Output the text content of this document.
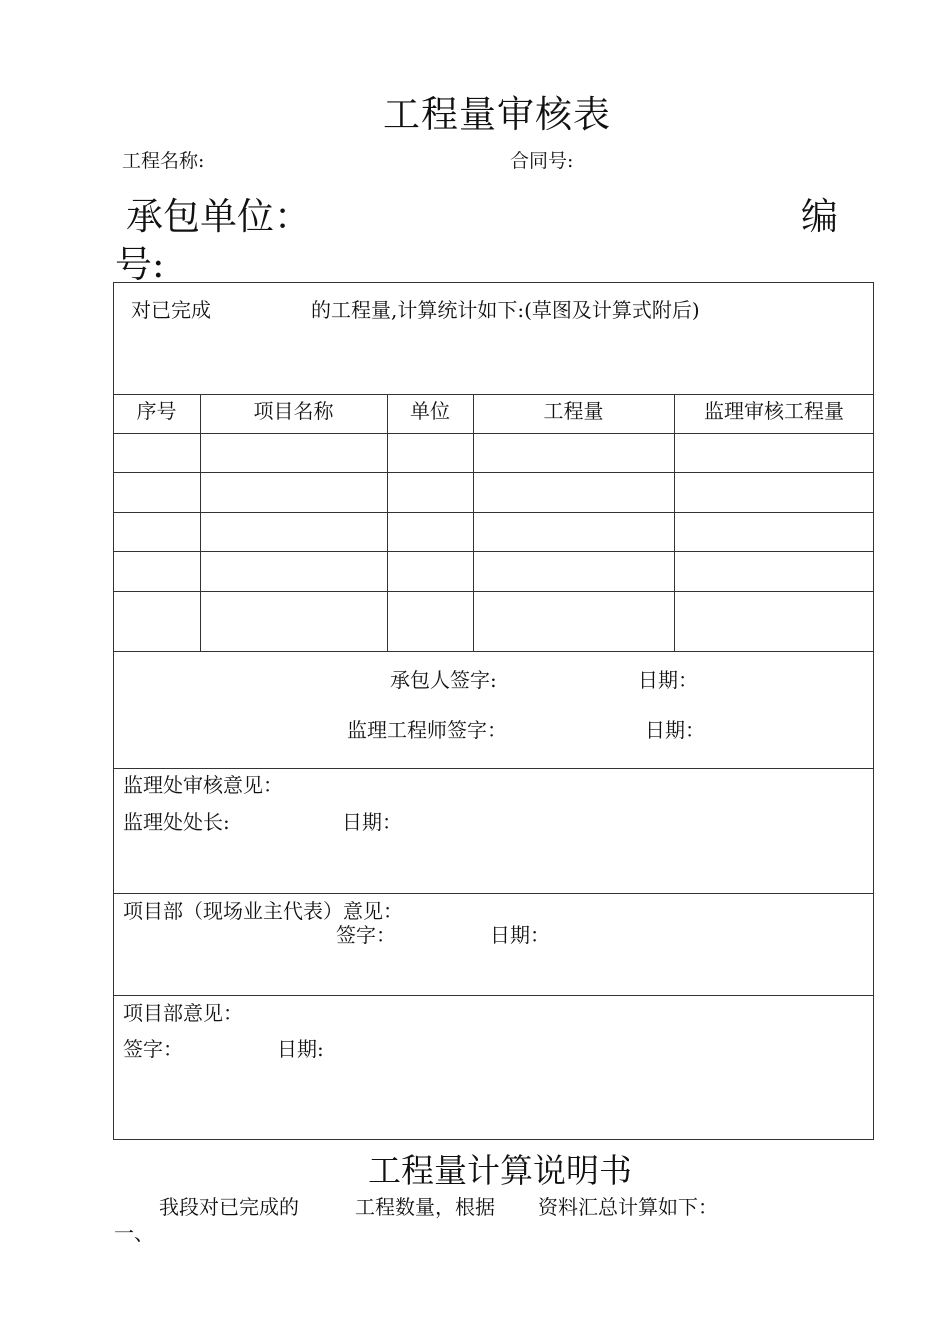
工程量审核表
工程名称:	合同号:
承包单位：	编
号:
对已完成	的工程量,计算统计如下:(草图及计算式附后)
序号	项目名称	单位	工程量	监理审核工程量
承包人签字:	日期：
监理工程师签字：	日期：
监理处审核意见：
监理处处长:	日期：
项目部（现场业主代表）意见：
签字：	日期：
项目部意见：
签字：	日期:
工程量计算说明书
我段对已完成的	工程数量，根据 资料汇总计算如下：
一、
